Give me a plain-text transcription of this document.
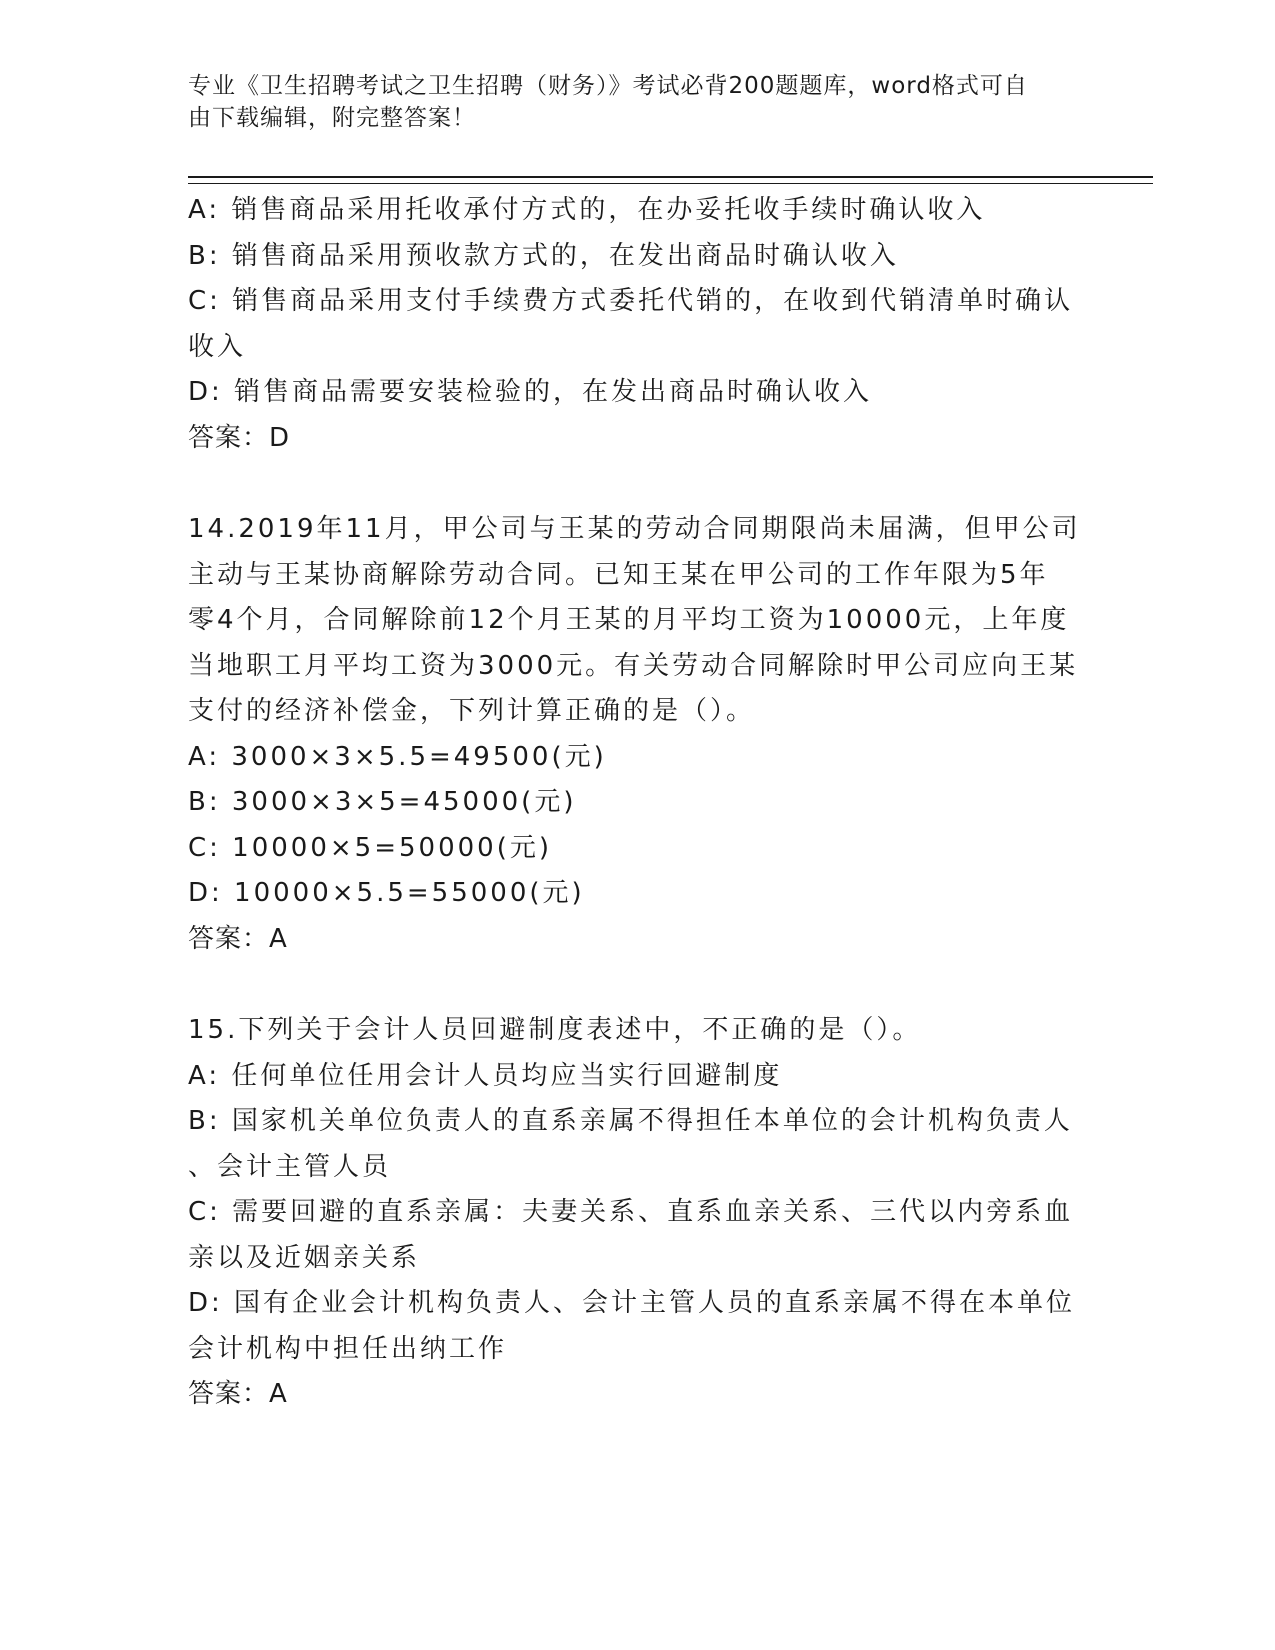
专业《卫生招聘考试之卫生招聘（财务）》考试必背200题题库，word格式可自
由下载编辑，附完整答案！
A: 销售商品采用托收承付方式的，在办妥托收手续时确认收入
B: 销售商品采用预收款方式的，在发出商品时确认收入
C: 销售商品采用支付手续费方式委托代销的，在收到代销清单时确认
收入
D: 销售商品需要安装检验的，在发出商品时确认收入
答案：D
14.2019年11月，甲公司与王某的劳动合同期限尚未届满，但甲公司
主动与王某协商解除劳动合同。已知王某在甲公司的工作年限为5年
零4个月，合同解除前12个月王某的月平均工资为10000元，上年度
当地职工月平均工资为3000元。有关劳动合同解除时甲公司应向王某
支付的经济补偿金，下列计算正确的是（）。
A: 3000×3×5.5=49500(元)
B: 3000×3×5=45000(元)
C: 10000×5=50000(元)
D: 10000×5.5=55000(元)
答案：A
15.下列关于会计人员回避制度表述中，不正确的是（）。
A: 任何单位任用会计人员均应当实行回避制度
B: 国家机关单位负责人的直系亲属不得担任本单位的会计机构负责人
、会计主管人员
C: 需要回避的直系亲属：夫妻关系、直系血亲关系、三代以内旁系血
亲以及近姻亲关系
D: 国有企业会计机构负责人、会计主管人员的直系亲属不得在本单位
会计机构中担任出纳工作
答案：A
